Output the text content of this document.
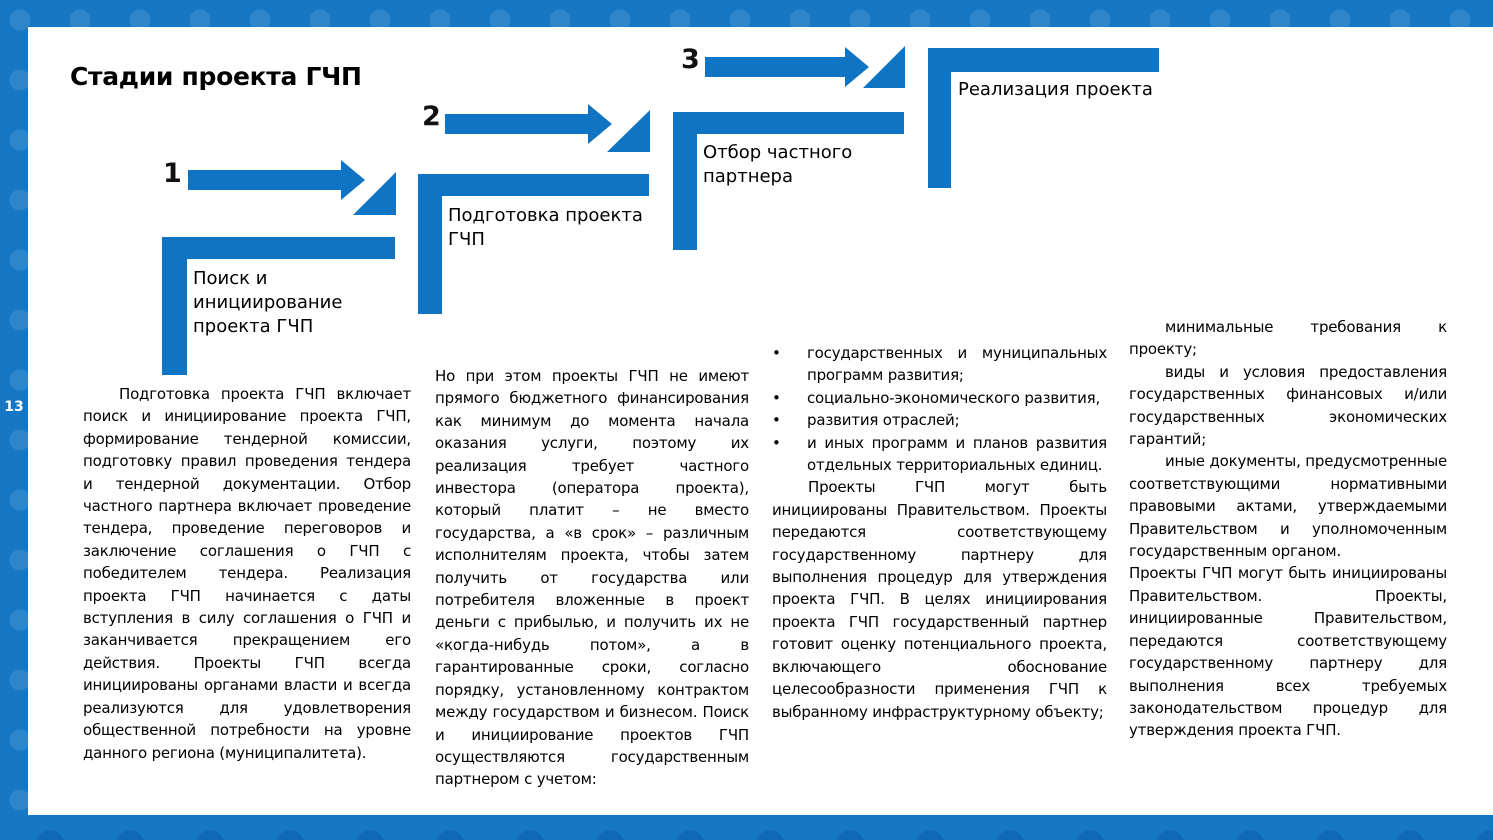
13
Стадии проекта ГЧП
1
2
3
Поиск и инициирование проекта ГЧП
Подготовка проекта ГЧП
Отбор частного партнера
Реализация проекта

Подготовка проекта ГЧП включает поиск и инициирование проекта ГЧП, формирование тендерной комиссии, подготовку правил проведения тендера и тендерной документации. Отбор частного партнера включает проведение тендера, проведение переговоров и заключение соглашения о ГЧП с победителем тендера. Реализация проекта ГЧП начинается с даты вступления в силу соглашения о ГЧП и заканчивается прекращением его действия. Проекты ГЧП всегда инициированы органами власти и всегда реализуются для удовлетворения общественной потребности на уровне данного региона (муниципалитета).

Но при этом проекты ГЧП не имеют прямого бюджетного финансирования как минимум до момента начала оказания услуги, поэтому их реализация требует частного инвестора (оператора проекта), который платит – не вместо государства, а «в срок» – различным исполнителям проекта, чтобы затем получить от государства или потребителя вложенные в проект деньги с прибылью, и получить их не «когда-нибудь потом», а в гарантированные сроки, согласно порядку, установленному контрактом между государством и бизнесом. Поиск и инициирование проектов ГЧП осуществляются государственным партнером с учетом:

• государственных и муниципальных программ развития;
• социально-экономического развития,
• развития отраслей;
• и иных программ и планов развития отдельных территориальных единиц.

Проекты ГЧП могут быть инициированы Правительством. Проекты передаются соответствующему государственному партнеру для выполнения процедур для утверждения проекта ГЧП. В целях инициирования проекта ГЧП государственный партнер готовит оценку потенциального проекта, включающего обоснование целесообразности применения ГЧП к выбранному инфраструктурному объекту;

минимальные требования к проекту;

виды и условия предоставления государственных финансовых и/или государственных экономических гарантий;

иные документы, предусмотренные соответствующими нормативными правовыми актами, утверждаемыми Правительством и уполномоченным государственным органом.

Проекты ГЧП могут быть инициированы Правительством. Проекты, инициированные Правительством, передаются соответствующему государственному партнеру для выполнения всех требуемых законодательством процедур для утверждения проекта ГЧП.
